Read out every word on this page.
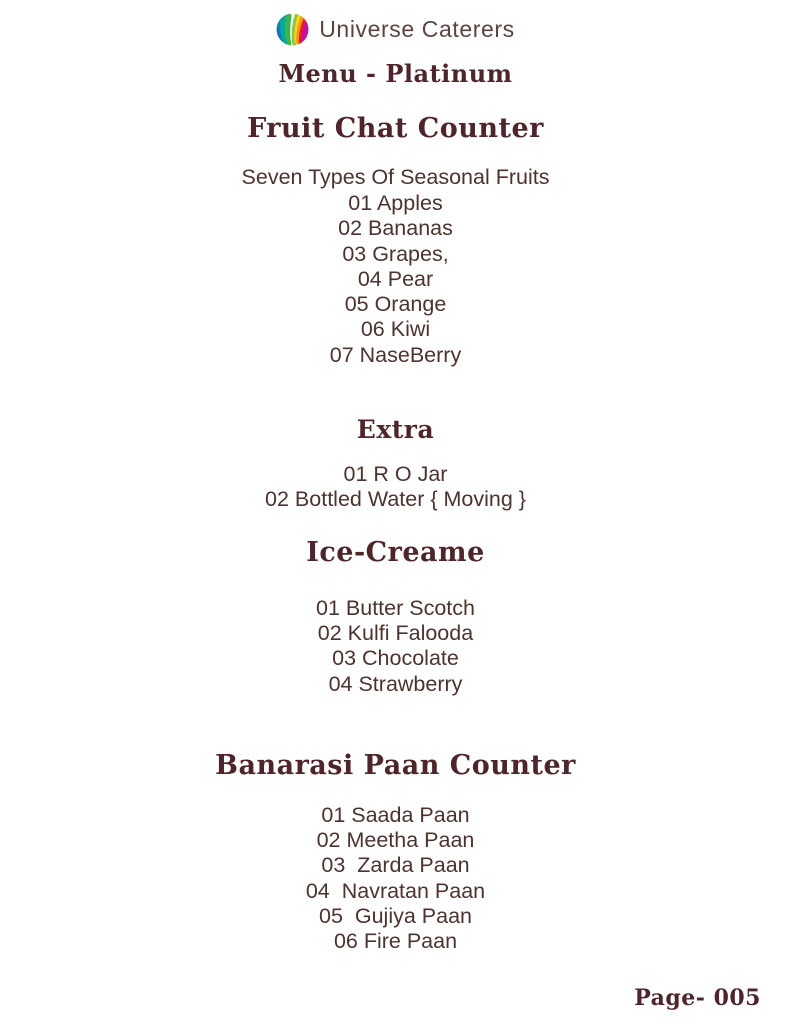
Universe Caterers
Menu - Platinum
Fruit Chat Counter
Seven Types Of Seasonal Fruits
01 Apples
02 Bananas
03 Grapes,
04 Pear
05 Orange
06 Kiwi
07 NaseBerry
Extra
01 R O Jar
02 Bottled Water { Moving }
Ice-Creame
01 Butter Scotch
02 Kulfi Falooda
03 Chocolate
04 Strawberry
Banarasi Paan Counter
01 Saada Paan
02 Meetha Paan
03  Zarda Paan
04  Navratan Paan
05  Gujiya Paan
06 Fire Paan
Page- 005
